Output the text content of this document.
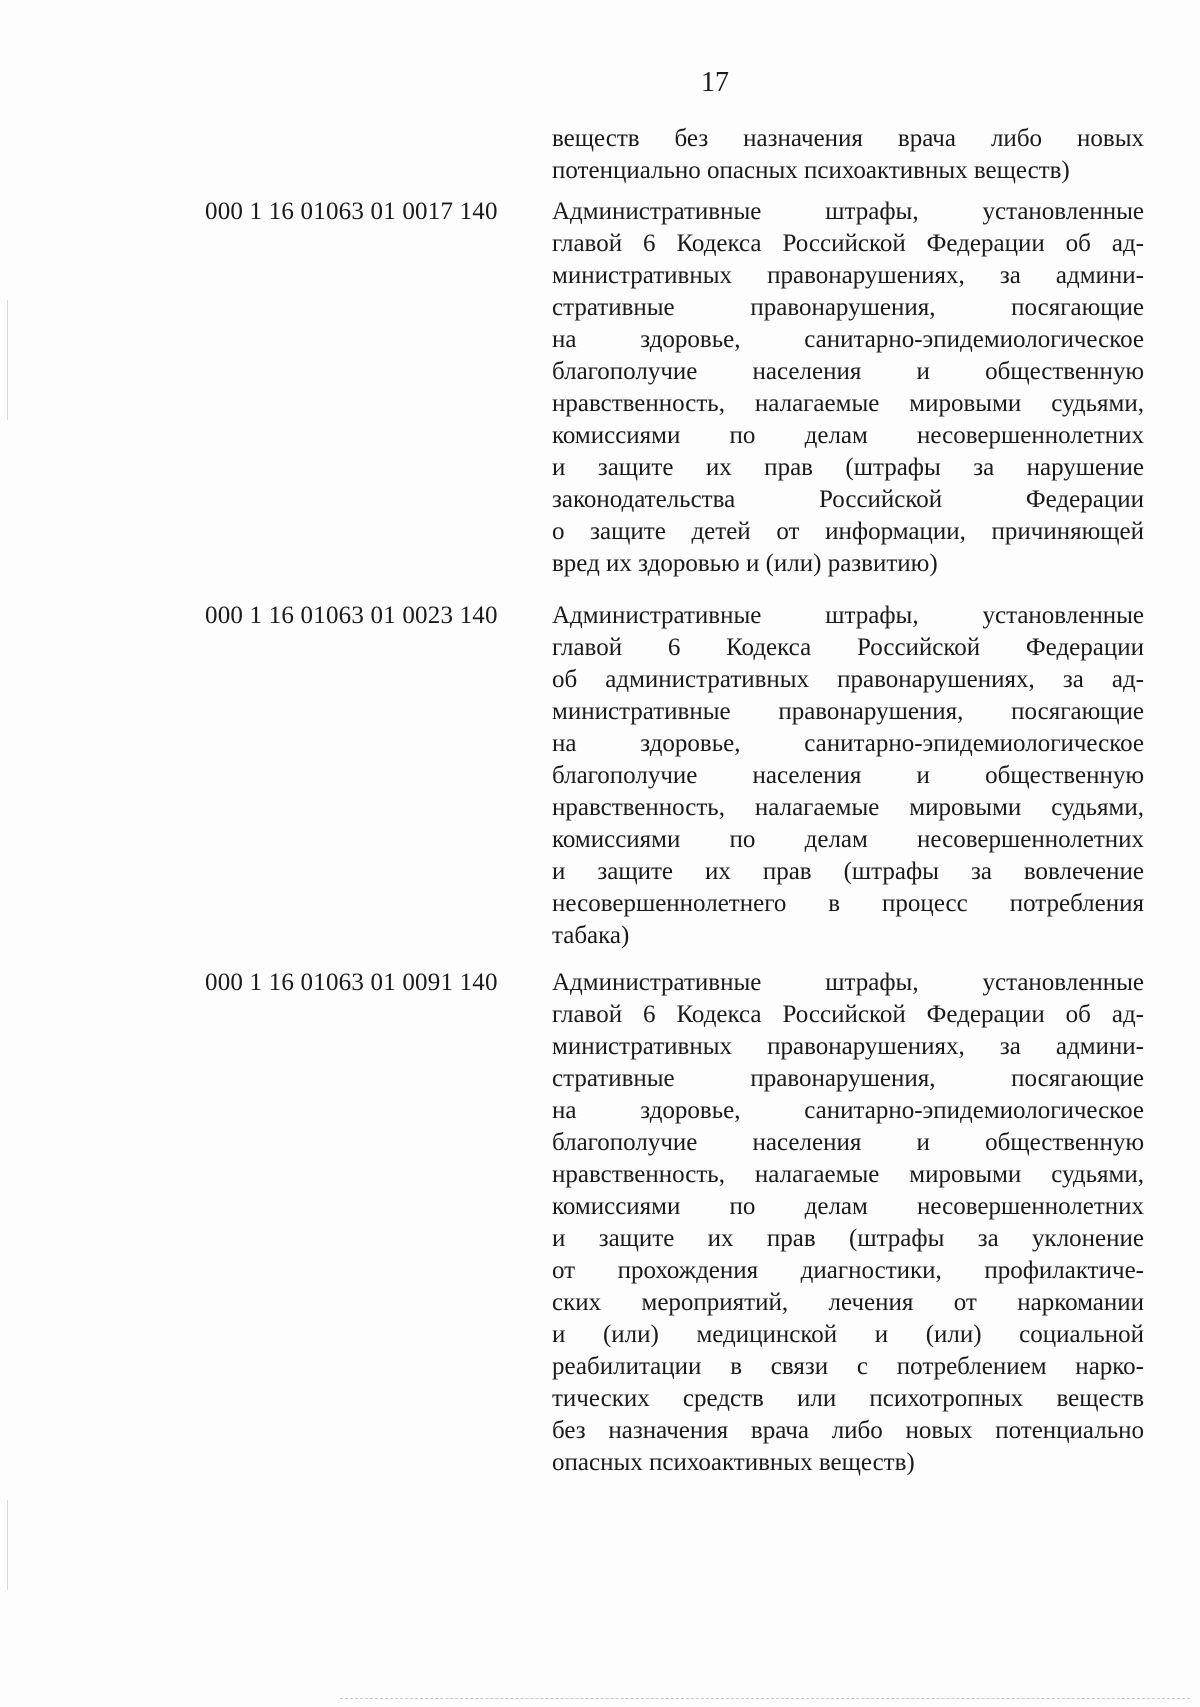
17
веществ без назначения врача либо новых
потенциально опасных психоактивных веществ)
000 1 16 01063 01 0017 140	Административные штрафы, установленные
главой 6 Кодекса Российской Федерации об ад-
министративных правонарушениях, за админи-
стративные правонарушения, посягающие
на здоровье, санитарно-эпидемиологическое
благополучие населения и общественную
нравственность, налагаемые мировыми судьями,
комиссиями по делам несовершеннолетних
и защите их прав (штрафы за нарушение
законодательства Российской Федерации
о защите детей от информации, причиняющей
вред их здоровью и (или) развитию)
000 1 16 01063 01 0023 140	Административные штрафы, установленные
главой 6 Кодекса Российской Федерации
об административных правонарушениях, за ад-
министративные правонарушения, посягающие
на здоровье, санитарно-эпидемиологическое
благополучие населения и общественную
нравственность, налагаемые мировыми судьями,
комиссиями по делам несовершеннолетних
и защите их прав (штрафы за вовлечение
несовершеннолетнего в процесс потребления
табака)
000 1 16 01063 01 0091 140	Административные штрафы, установленные
главой 6 Кодекса Российской Федерации об ад-
министративных правонарушениях, за админи-
стративные правонарушения, посягающие
на здоровье, санитарно-эпидемиологическое
благополучие населения и общественную
нравственность, налагаемые мировыми судьями,
комиссиями по делам несовершеннолетних
и защите их прав (штрафы за уклонение
от прохождения диагностики, профилактиче-
ских мероприятий, лечения от наркомании
и (или) медицинской и (или) социальной
реабилитации в связи с потреблением нарко-
тических средств или психотропных веществ
без назначения врача либо новых потенциально
опасных психоактивных веществ)
